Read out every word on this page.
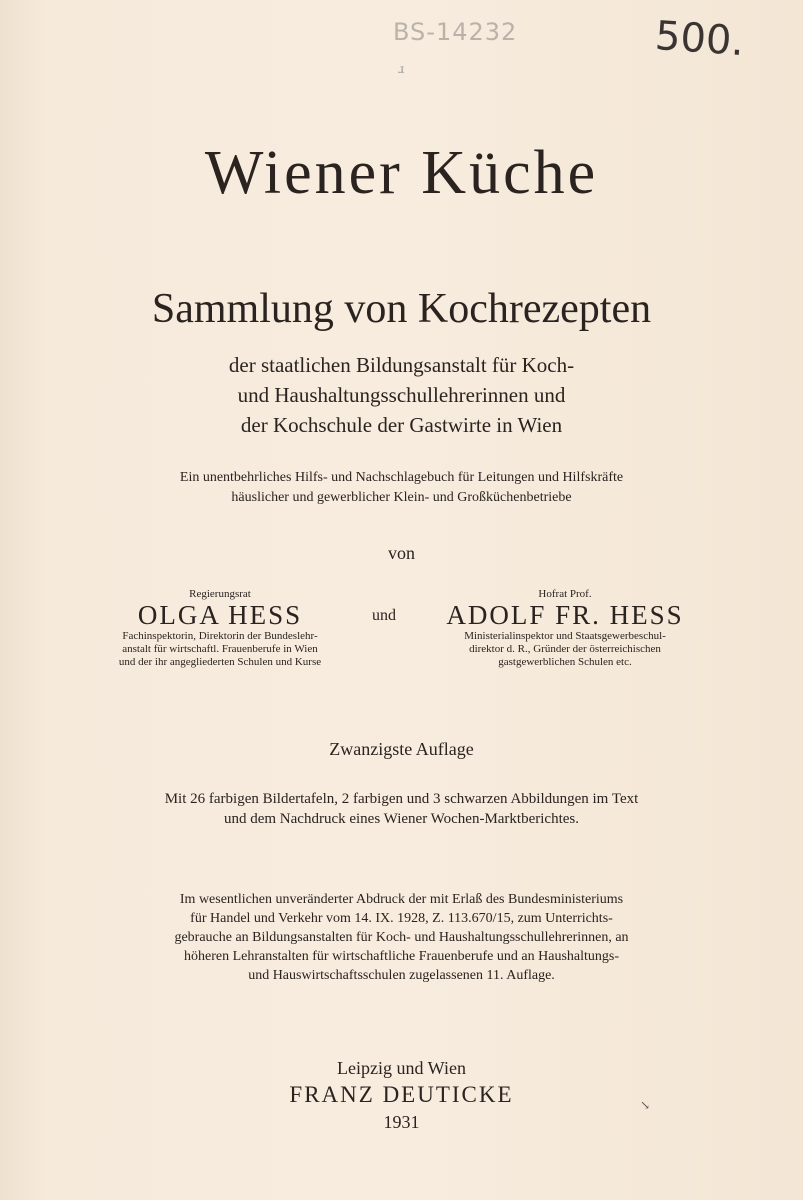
BS-14232	500.
ɹ
Wiener Küche
Sammlung von Kochrezepten
der staatlichen Bildungsanstalt für Koch-
und Haushaltungsschullehrerinnen und
der Kochschule der Gastwirte in Wien
Ein unentbehrliches Hilfs- und Nachschlagebuch für Leitungen und Hilfskräfte
häuslicher und gewerblicher Klein- und Großküchenbetriebe
von
Regierungsrat
OLGA HESS
Fachinspektorin, Direktorin der Bundeslehr-
anstalt für wirtschaftl. Frauenberufe in Wien
und der ihr angegliederten Schulen und Kurse
und
Hofrat Prof.
ADOLF FR. HESS
Ministerialinspektor und Staatsgewerbeschul-
direktor d. R., Gründer der österreichischen
gastgewerblichen Schulen etc.
Zwanzigste Auflage
Mit 26 farbigen Bildertafeln, 2 farbigen und 3 schwarzen Abbildungen im Text
und dem Nachdruck eines Wiener Wochen-Marktberichtes.
Im wesentlichen unveränderter Abdruck der mit Erlaß des Bundesministeriums
für Handel und Verkehr vom 14. IX. 1928, Z. 113.670/15, zum Unterrichts-
gebrauche an Bildungsanstalten für Koch- und Haushaltungsschullehrerinnen, an
höheren Lehranstalten für wirtschaftliche Frauenberufe und an Haushaltungs-
und Hauswirtschaftsschulen zugelassenen 11. Auflage.
Leipzig und Wien
FRANZ DEUTICKE
1931
↘
